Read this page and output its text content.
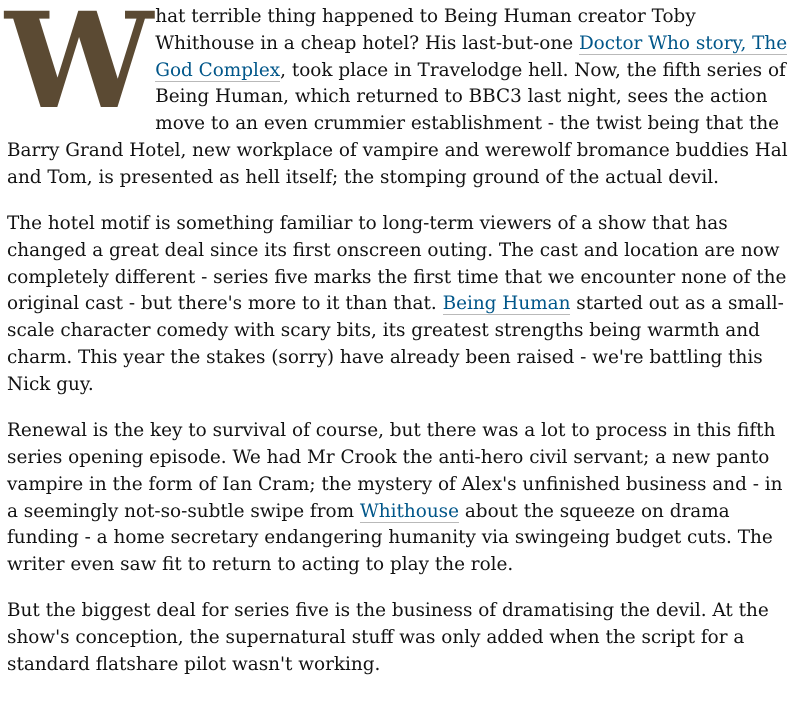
What terrible thing happened to Being Human creator Toby Whithouse in a cheap hotel? His last-but-one Doctor Who story, The God Complex, took place in Travelodge hell. Now, the fifth series of Being Human, which returned to BBC3 last night, sees the action move to an even crummier establishment - the twist being that the Barry Grand Hotel, new workplace of vampire and werewolf bromance buddies Hal and Tom, is presented as hell itself; the stomping ground of the actual devil.

The hotel motif is something familiar to long-term viewers of a show that has changed a great deal since its first onscreen outing. The cast and location are now completely different - series five marks the first time that we encounter none of the original cast - but there's more to it than that. Being Human started out as a small-scale character comedy with scary bits, its greatest strengths being warmth and charm. This year the stakes (sorry) have already been raised - we're battling this Nick guy.

Renewal is the key to survival of course, but there was a lot to process in this fifth series opening episode. We had Mr Crook the anti-hero civil servant; a new panto vampire in the form of Ian Cram; the mystery of Alex's unfinished business and - in a seemingly not-so-subtle swipe from Whithouse about the squeeze on drama funding - a home secretary endangering humanity via swingeing budget cuts. The writer even saw fit to return to acting to play the role.

But the biggest deal for series five is the business of dramatising the devil. At the show's conception, the supernatural stuff was only added when the script for a standard flatshare pilot wasn't working.
